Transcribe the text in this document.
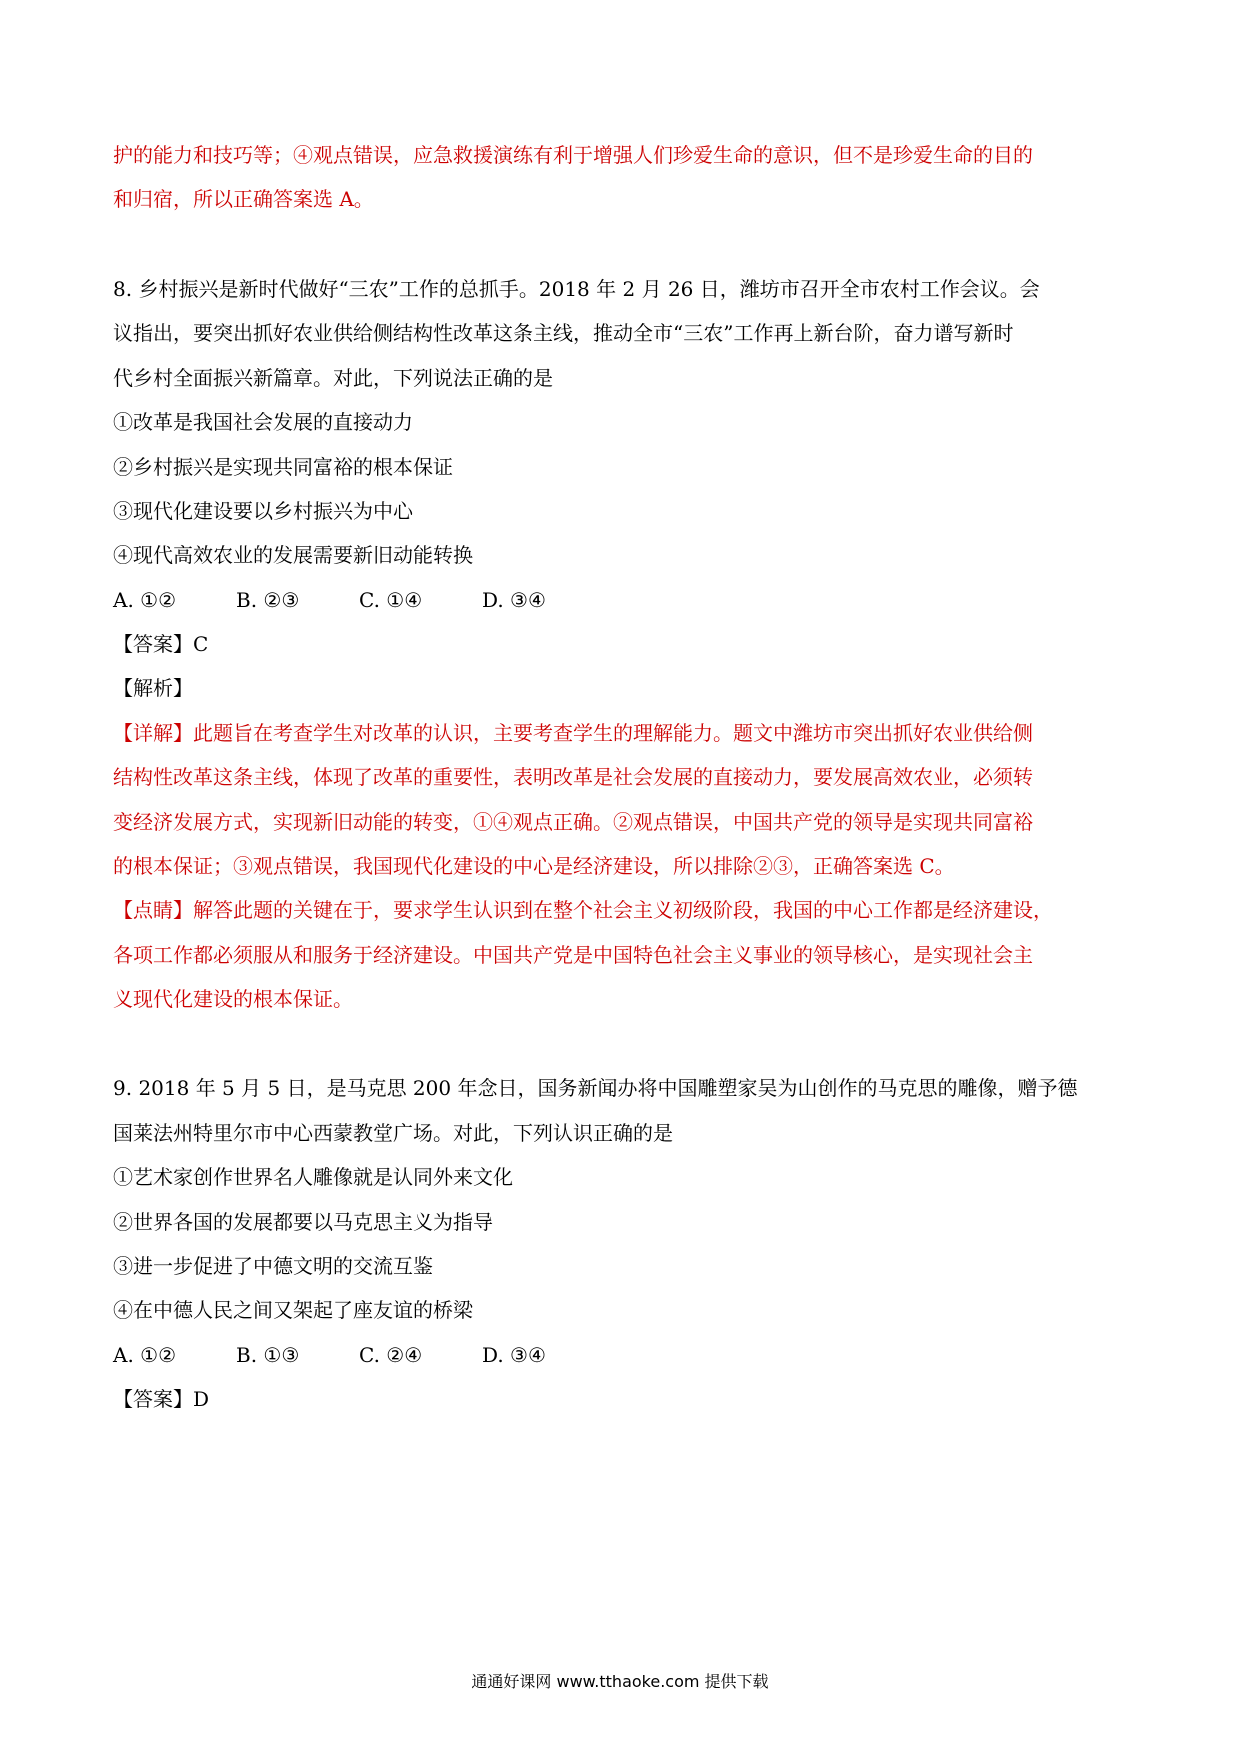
护的能力和技巧等；④观点错误，应急救援演练有利于增强人们珍爱生命的意识，但不是珍爱生命的目的
和归宿，所以正确答案选 A。
8. 乡村振兴是新时代做好“三农”工作的总抓手。2018 年 2 月 26 日，潍坊市召开全市农村工作会议。会
议指出，要突出抓好农业供给侧结构性改革这条主线，推动全市“三农”工作再上新台阶，奋力谱写新时
代乡村全面振兴新篇章。对此，下列说法正确的是
①改革是我国社会发展的直接动力
②乡村振兴是实现共同富裕的根本保证
③现代化建设要以乡村振兴为中心
④现代高效农业的发展需要新旧动能转换
A. ①②	B. ②③	C. ①④	D. ③④
【答案】C
【解析】
【详解】此题旨在考查学生对改革的认识，主要考查学生的理解能力。题文中潍坊市突出抓好农业供给侧
结构性改革这条主线，体现了改革的重要性，表明改革是社会发展的直接动力，要发展高效农业，必须转
变经济发展方式，实现新旧动能的转变，①④观点正确。②观点错误，中国共产党的领导是实现共同富裕
的根本保证；③观点错误，我国现代化建设的中心是经济建设，所以排除②③，正确答案选 C。
【点睛】解答此题的关键在于，要求学生认识到在整个社会主义初级阶段，我国的中心工作都是经济建设，
各项工作都必须服从和服务于经济建设。中国共产党是中国特色社会主义事业的领导核心，是实现社会主
义现代化建设的根本保证。
9. 2018 年 5 月 5 日，是马克思 200 年念日，国务新闻办将中国雕塑家吴为山创作的马克思的雕像，赠予德
国莱法州特里尔市中心西蒙教堂广场。对此，下列认识正确的是
①艺术家创作世界名人雕像就是认同外来文化
②世界各国的发展都要以马克思主义为指导
③进一步促进了中德文明的交流互鉴
④在中德人民之间又架起了座友谊的桥梁
A. ①②	B. ①③	C. ②④	D. ③④
【答案】D
通通好课网 www.tthaoke.com 提供下载
